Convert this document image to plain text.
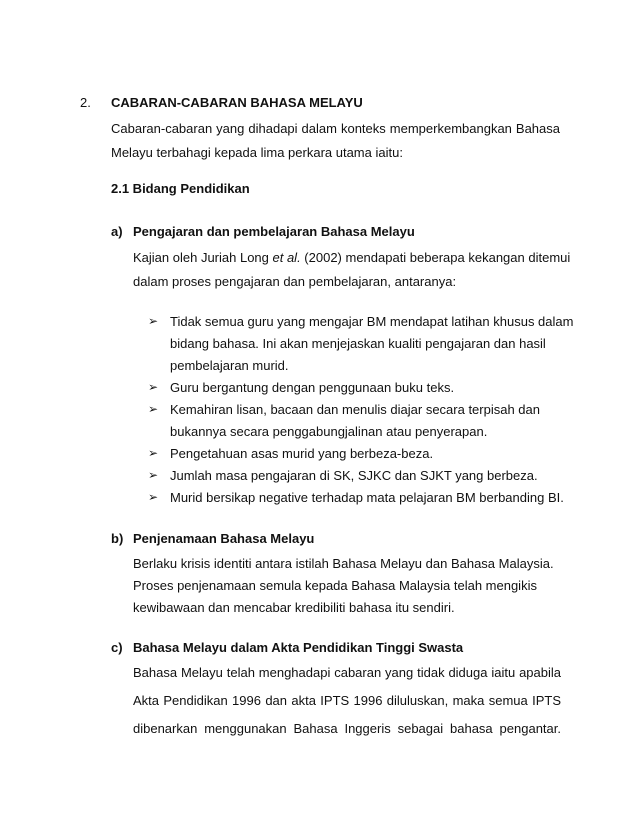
2. CABARAN-CABARAN BAHASA MELAYU
Cabaran-cabaran yang dihadapi dalam konteks memperkembangkan Bahasa
Melayu terbahagi kepada lima perkara utama iaitu:
2.1 Bidang Pendidikan
a) Pengajaran dan pembelajaran Bahasa Melayu
Kajian oleh Juriah Long et al. (2002) mendapati beberapa kekangan ditemui
dalam proses pengajaran dan pembelajaran, antaranya:
➢ Tidak semua guru yang mengajar BM mendapat latihan khusus dalam
bidang bahasa. Ini akan menjejaskan kualiti pengajaran dan hasil
pembelajaran murid.
➢ Guru bergantung dengan penggunaan buku teks.
➢ Kemahiran lisan, bacaan dan menulis diajar secara terpisah dan
bukannya secara penggabungjalinan atau penyerapan.
➢ Pengetahuan asas murid yang berbeza-beza.
➢ Jumlah masa pengajaran di SK, SJKC dan SJKT yang berbeza.
➢ Murid bersikap negative terhadap mata pelajaran BM berbanding BI.
b) Penjenamaan Bahasa Melayu
Berlaku krisis identiti antara istilah Bahasa Melayu dan Bahasa Malaysia.
Proses penjenamaan semula kepada Bahasa Malaysia telah mengikis
kewibawaan dan mencabar kredibiliti bahasa itu sendiri.
c) Bahasa Melayu dalam Akta Pendidikan Tinggi Swasta
Bahasa Melayu telah menghadapi cabaran yang tidak diduga iaitu apabila
Akta Pendidikan 1996 dan akta IPTS 1996 diluluskan, maka semua IPTS
dibenarkan menggunakan Bahasa Inggeris sebagai bahasa pengantar.
